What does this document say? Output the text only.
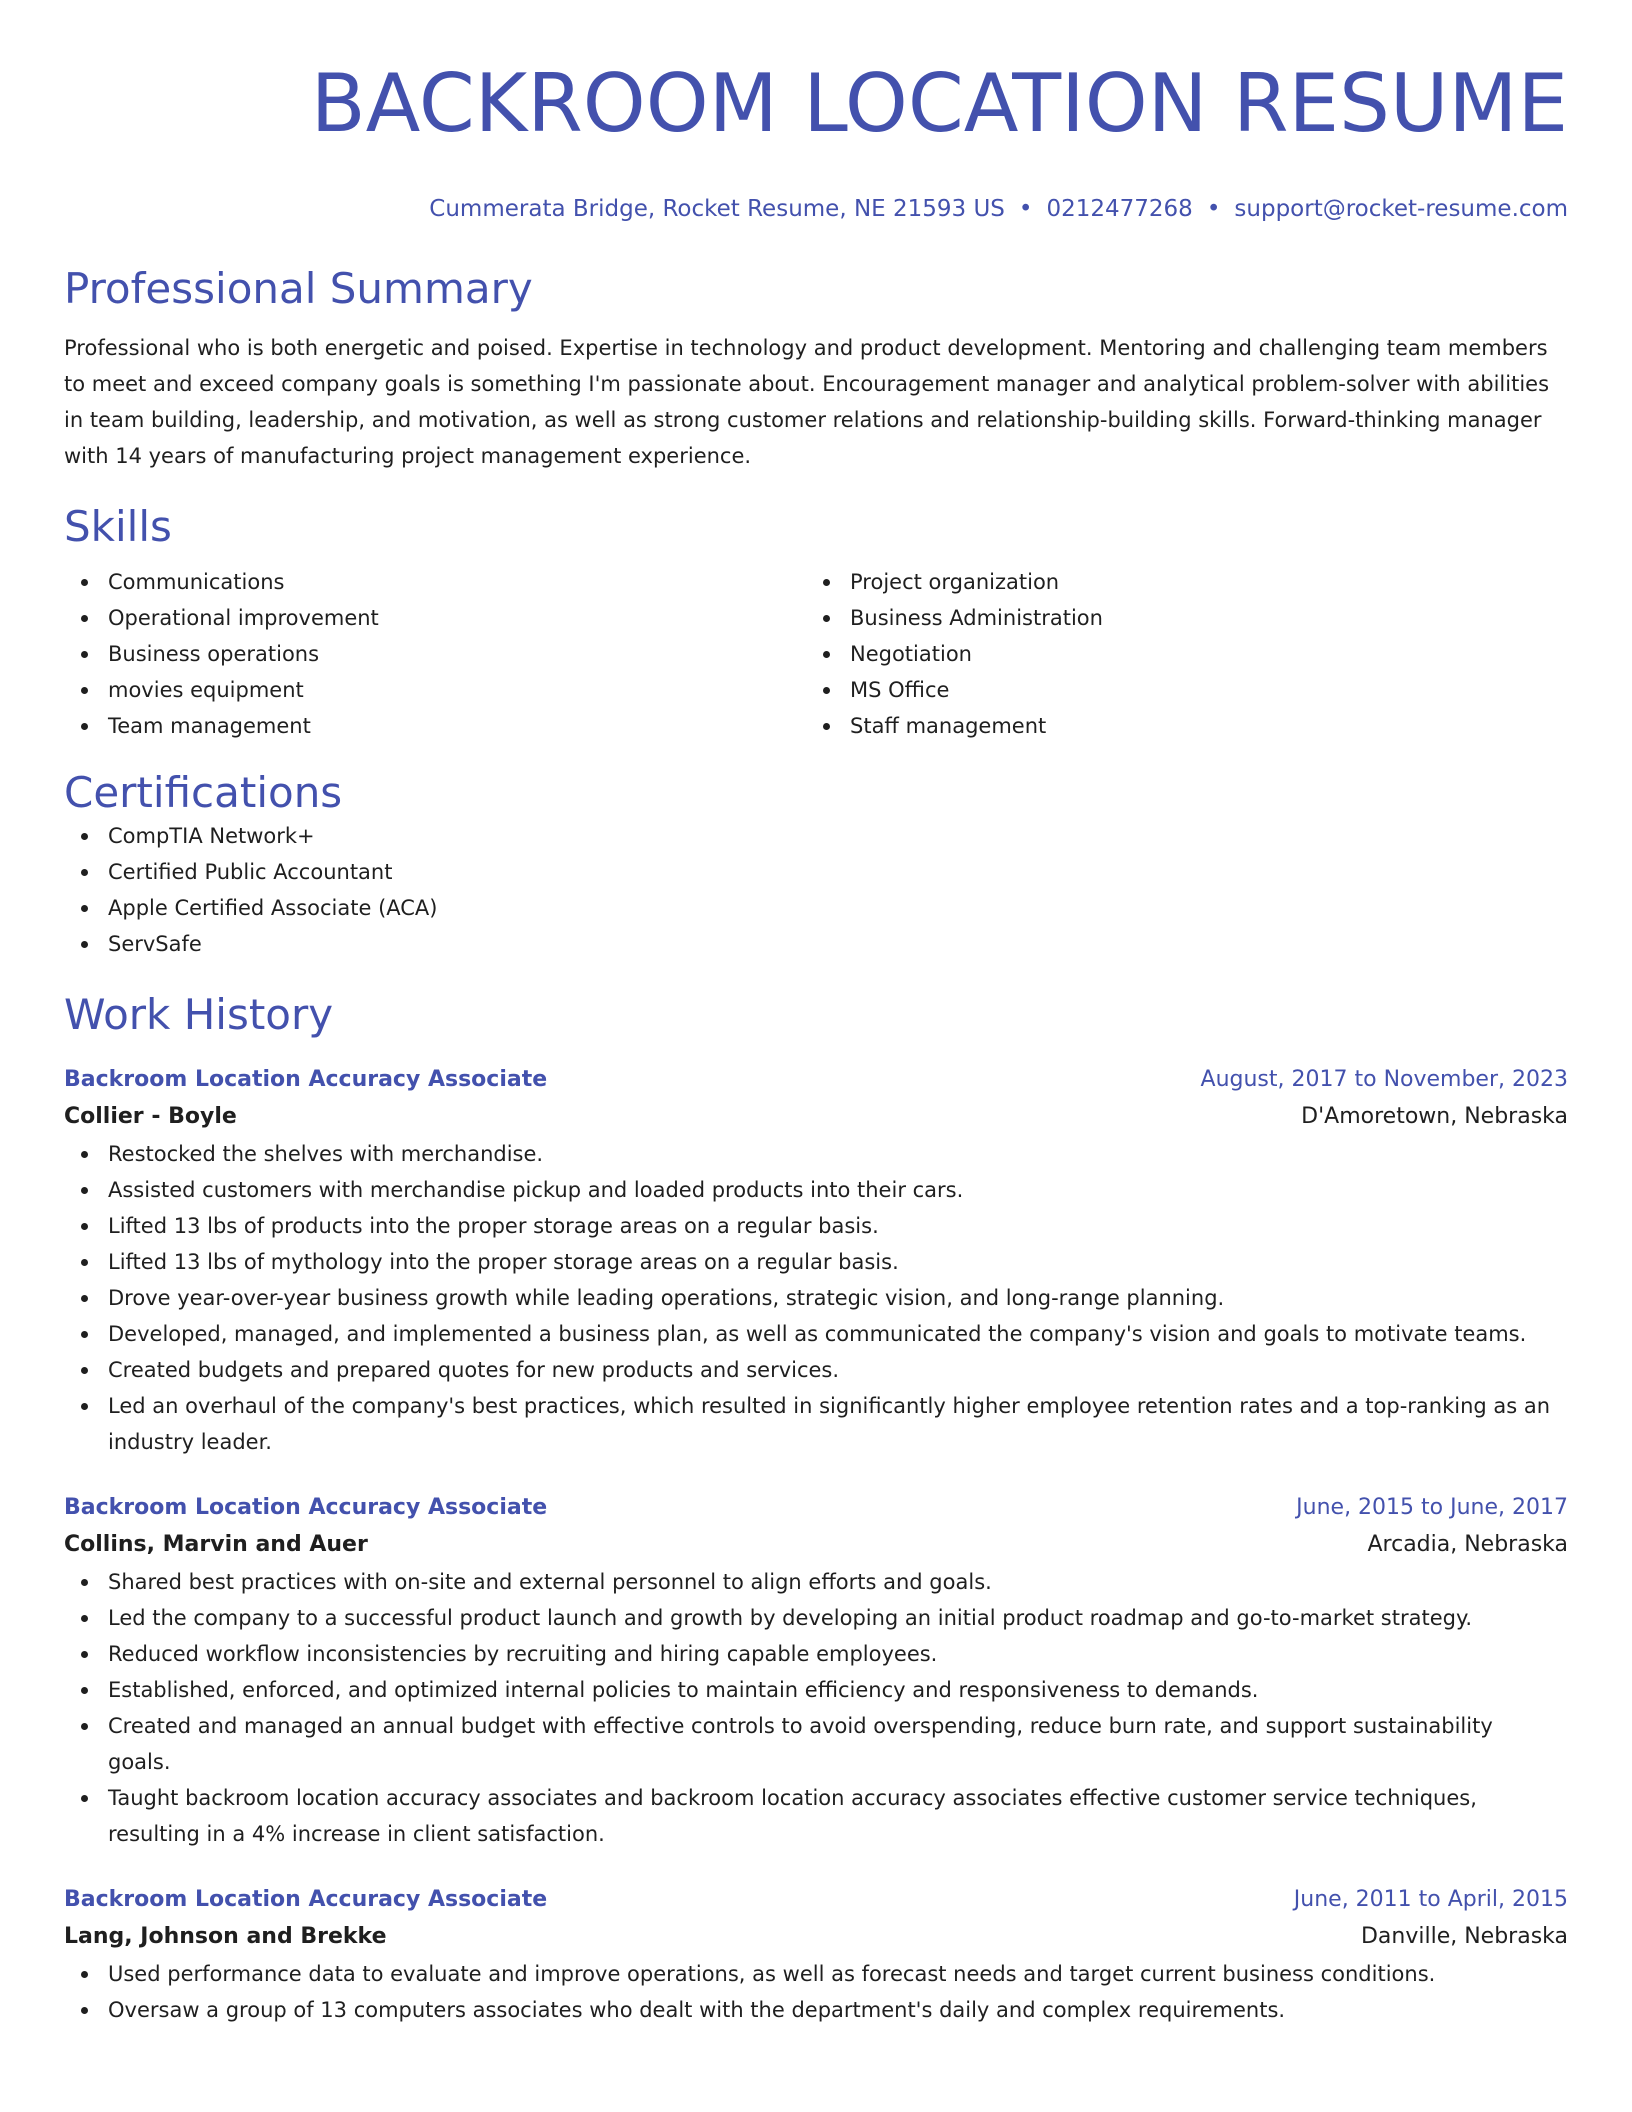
BACKROOM LOCATION RESUME
Cummerata Bridge, Rocket Resume, NE 21593 US • 0212477268 • support@rocket-resume.com
Professional Summary
Professional who is both energetic and poised. Expertise in technology and product development. Mentoring and challenging team members to meet and exceed company goals is something I'm passionate about. Encouragement manager and analytical problem-solver with abilities in team building, leadership, and motivation, as well as strong customer relations and relationship-building skills. Forward-thinking manager with 14 years of manufacturing project management experience.
Skills
Communications
Operational improvement
Business operations
movies equipment
Team management
Project organization
Business Administration
Negotiation
MS Office
Staff management
Certifications
CompTIA Network+
Certified Public Accountant
Apple Certified Associate (ACA)
ServSafe
Work History
Backroom Location Accuracy Associate	August, 2017 to November, 2023
Collier - Boyle	D'Amoretown, Nebraska
Restocked the shelves with merchandise.
Assisted customers with merchandise pickup and loaded products into their cars.
Lifted 13 lbs of products into the proper storage areas on a regular basis.
Lifted 13 lbs of mythology into the proper storage areas on a regular basis.
Drove year-over-year business growth while leading operations, strategic vision, and long-range planning.
Developed, managed, and implemented a business plan, as well as communicated the company's vision and goals to motivate teams.
Created budgets and prepared quotes for new products and services.
Led an overhaul of the company's best practices, which resulted in significantly higher employee retention rates and a top-ranking as an industry leader.
Backroom Location Accuracy Associate	June, 2015 to June, 2017
Collins, Marvin and Auer	Arcadia, Nebraska
Shared best practices with on-site and external personnel to align efforts and goals.
Led the company to a successful product launch and growth by developing an initial product roadmap and go-to-market strategy.
Reduced workflow inconsistencies by recruiting and hiring capable employees.
Established, enforced, and optimized internal policies to maintain efficiency and responsiveness to demands.
Created and managed an annual budget with effective controls to avoid overspending, reduce burn rate, and support sustainability goals.
Taught backroom location accuracy associates and backroom location accuracy associates effective customer service techniques, resulting in a 4% increase in client satisfaction.
Backroom Location Accuracy Associate	June, 2011 to April, 2015
Lang, Johnson and Brekke	Danville, Nebraska
Used performance data to evaluate and improve operations, as well as forecast needs and target current business conditions.
Oversaw a group of 13 computers associates who dealt with the department's daily and complex requirements.
